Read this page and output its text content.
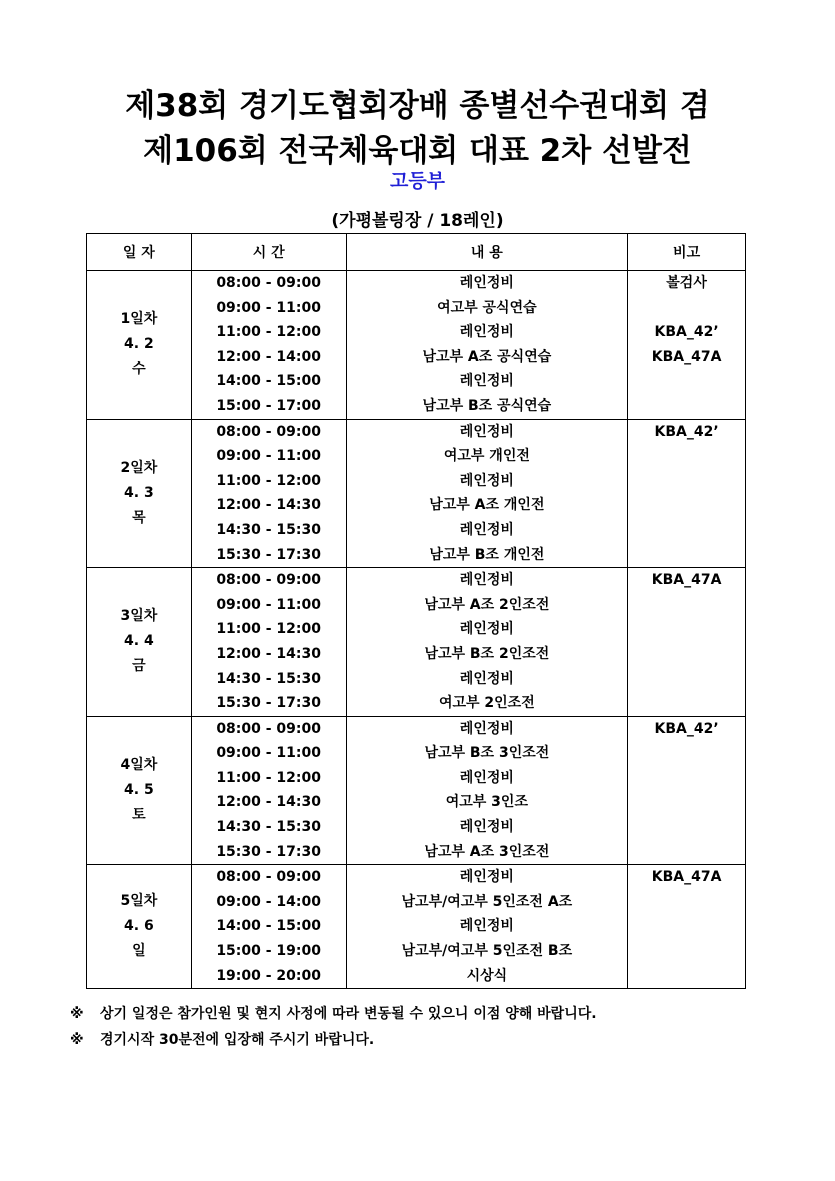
제38회 경기도협회장배 종별선수권대회 겸
제106회 전국체육대회 대표 2차 선발전
고등부
(가평볼링장 / 18레인)
일 자	시 간	내 용	비고

1일차
4. 2
수	08:00 - 09:00	레인정비	볼검사
	09:00 - 11:00	여고부 공식연습	
	11:00 - 12:00	레인정비	KBA_42’
	12:00 - 14:00	남고부 A조 공식연습	KBA_47A
	14:00 - 15:00	레인정비	
	15:00 - 17:00	남고부 B조 공식연습	

2일차
4. 3
목	08:00 - 09:00	레인정비	KBA_42’
	09:00 - 11:00	여고부 개인전	
	11:00 - 12:00	레인정비	
	12:00 - 14:30	남고부 A조 개인전	
	14:30 - 15:30	레인정비	
	15:30 - 17:30	남고부 B조 개인전	

3일차
4. 4
금	08:00 - 09:00	레인정비	KBA_47A
	09:00 - 11:00	남고부 A조 2인조전	
	11:00 - 12:00	레인정비	
	12:00 - 14:30	남고부 B조 2인조전	
	14:30 - 15:30	레인정비	
	15:30 - 17:30	여고부 2인조전	

4일차
4. 5
토	08:00 - 09:00	레인정비	KBA_42’
	09:00 - 11:00	남고부 B조 3인조전	
	11:00 - 12:00	레인정비	
	12:00 - 14:30	여고부 3인조	
	14:30 - 15:30	레인정비	
	15:30 - 17:30	남고부 A조 3인조전	

5일차
4. 6
일	08:00 - 09:00	레인정비	KBA_47A
	09:00 - 14:00	남고부/여고부 5인조전 A조	
	14:00 - 15:00	레인정비	
	15:00 - 19:00	남고부/여고부 5인조전 B조	
	19:00 - 20:00	시상식	
※ 상기 일정은 참가인원 및 현지 사정에 따라 변동될 수 있으니 이점 양해 바랍니다.
※ 경기시작 30분전에 입장해 주시기 바랍니다.
